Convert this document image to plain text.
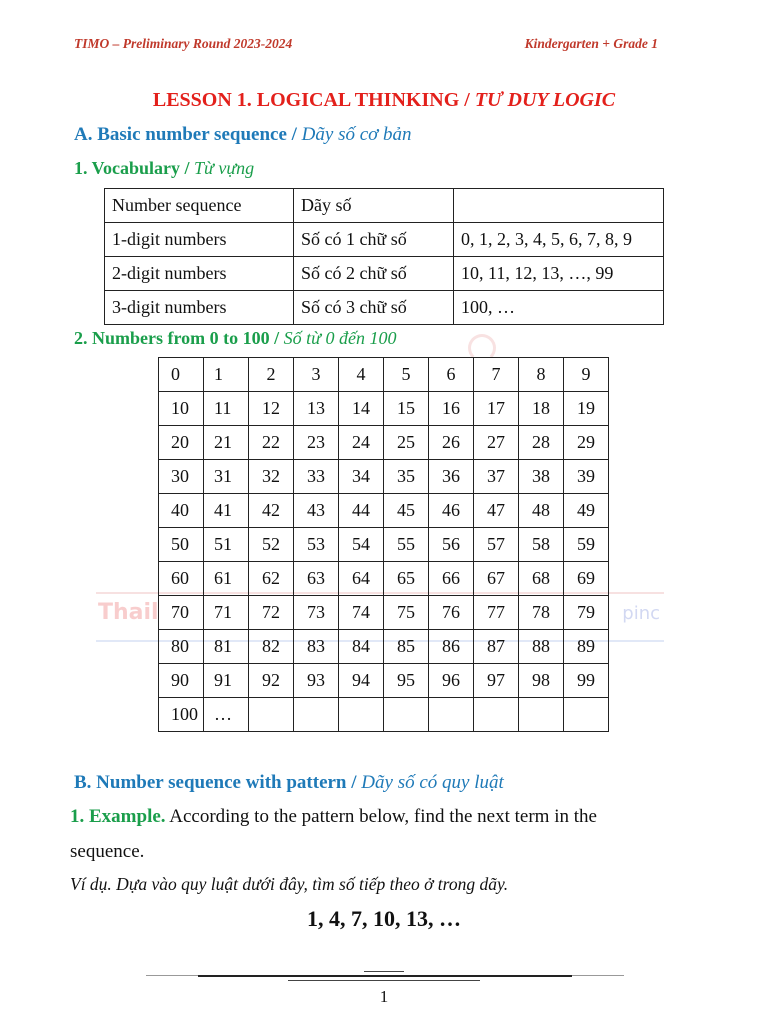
TIMO – Preliminary Round 2023-2024	Kindergarten + Grade 1
LESSON 1. LOGICAL THINKING / TƯ DUY LOGIC
A. Basic number sequence / Dãy số cơ bản
1. Vocabulary / Từ vựng
Number sequence	Dãy số	
1-digit numbers	Số có 1 chữ số	0, 1, 2, 3, 4, 5, 6, 7, 8, 9
2-digit numbers	Số có 2 chữ số	10, 11, 12, 13, …, 99
3-digit numbers	Số có 3 chữ số	100, …
2. Numbers from 0 to 100 / Số từ 0 đến 100
Thail	pinc
0	1	2	3	4	5	6	7	8	9
10	11	12	13	14	15	16	17	18	19
20	21	22	23	24	25	26	27	28	29
30	31	32	33	34	35	36	37	38	39
40	41	42	43	44	45	46	47	48	49
50	51	52	53	54	55	56	57	58	59
60	61	62	63	64	65	66	67	68	69
70	71	72	73	74	75	76	77	78	79
80	81	82	83	84	85	86	87	88	89
90	91	92	93	94	95	96	97	98	99
100	…								
B. Number sequence with pattern / Dãy số có quy luật
1. Example. According to the pattern below, find the next term in the
sequence.
Ví dụ. Dựa vào quy luật dưới đây, tìm số tiếp theo ở trong dãy.
1, 4, 7, 10, 13, …
1
